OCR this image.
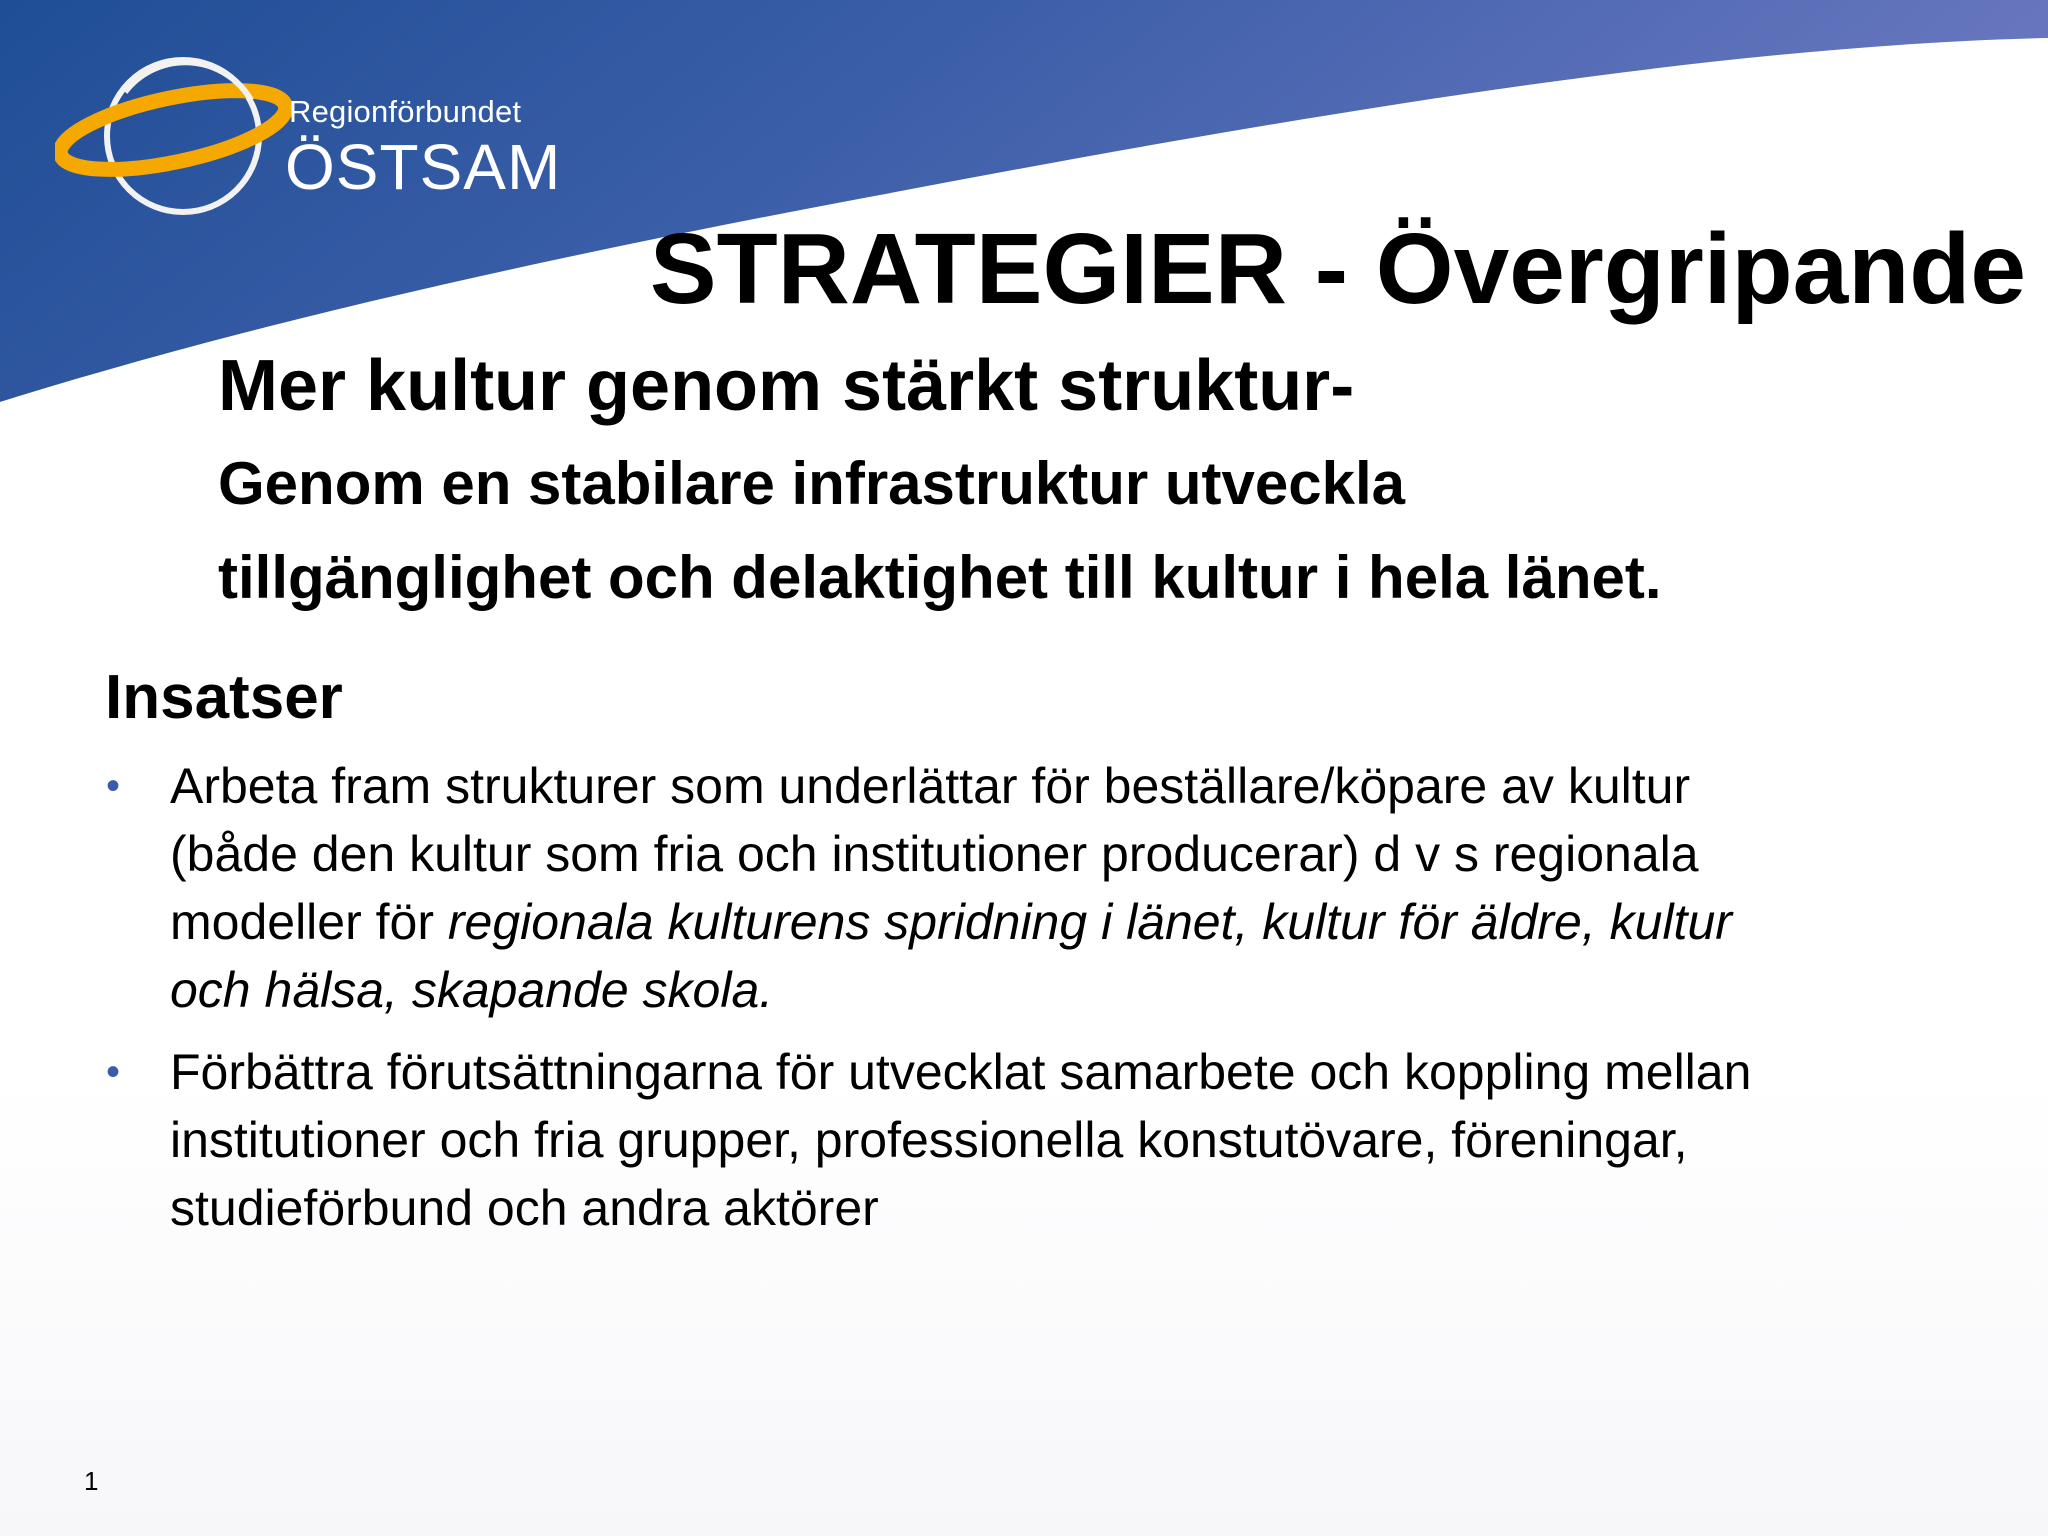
Regionförbundet
ÖSTSAM
STRATEGIER - Övergripande
Mer kultur genom stärkt struktur-
Genom en stabilare infrastruktur utveckla
tillgänglighet och delaktighet till kultur i hela länet.
Insatser
• Arbeta fram strukturer som underlättar för beställare/köpare av kultur
(både den kultur som fria och institutioner producerar) d v s regionala
modeller för regionala kulturens spridning i länet, kultur för äldre, kultur
och hälsa, skapande skola.
• Förbättra förutsättningarna för utvecklat samarbete och koppling mellan
institutioner och fria grupper, professionella konstutövare, föreningar,
studieförbund och andra aktörer
1
